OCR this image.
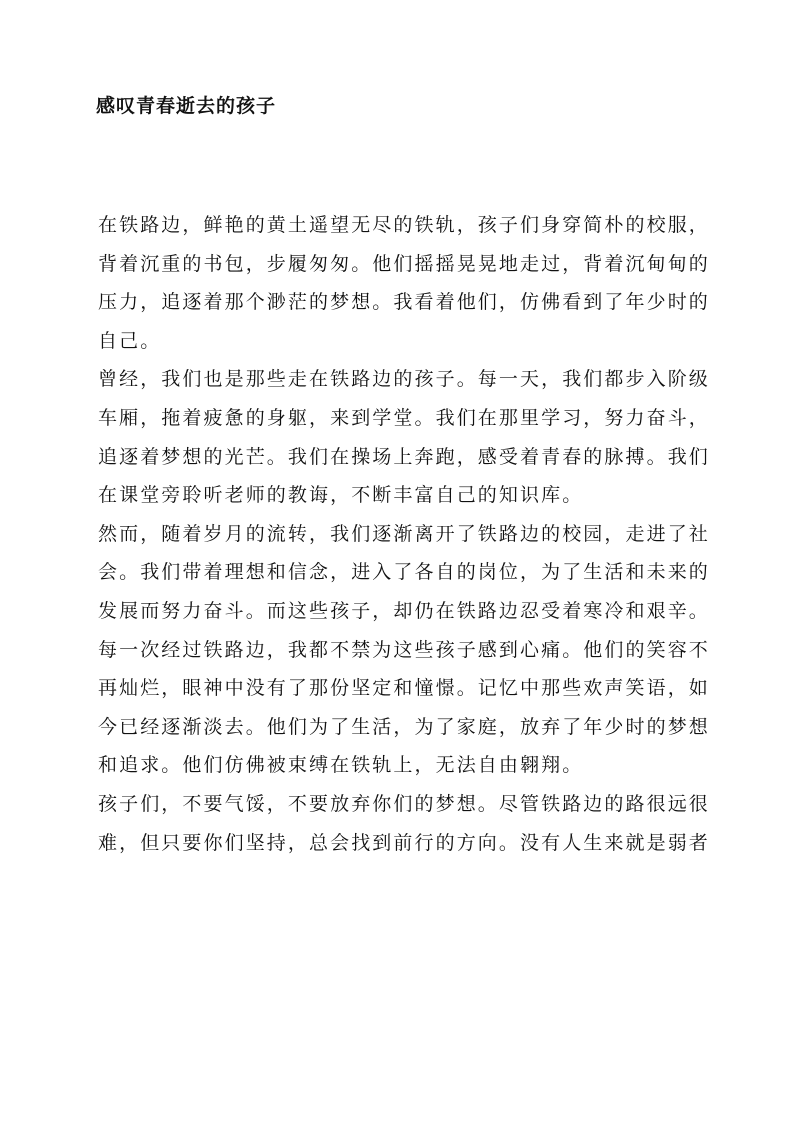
感叹青春逝去的孩子
在铁路边，鲜艳的黄土遥望无尽的铁轨，孩子们身穿简朴的校服，
背着沉重的书包，步履匆匆。他们摇摇晃晃地走过，背着沉甸甸的
压力，追逐着那个渺茫的梦想。我看着他们，仿佛看到了年少时的
自己。
曾经，我们也是那些走在铁路边的孩子。每一天，我们都步入阶级
车厢，拖着疲惫的身躯，来到学堂。我们在那里学习，努力奋斗，
追逐着梦想的光芒。我们在操场上奔跑，感受着青春的脉搏。我们
在课堂旁聆听老师的教诲，不断丰富自己的知识库。
然而，随着岁月的流转，我们逐渐离开了铁路边的校园，走进了社
会。我们带着理想和信念，进入了各自的岗位，为了生活和未来的
发展而努力奋斗。而这些孩子，却仍在铁路边忍受着寒冷和艰辛。
每一次经过铁路边，我都不禁为这些孩子感到心痛。他们的笑容不
再灿烂，眼神中没有了那份坚定和憧憬。记忆中那些欢声笑语，如
今已经逐渐淡去。他们为了生活，为了家庭，放弃了年少时的梦想
和追求。他们仿佛被束缚在铁轨上，无法自由翱翔。
孩子们，不要气馁，不要放弃你们的梦想。尽管铁路边的路很远很
难，但只要你们坚持，总会找到前行的方向。没有人生来就是弱者
